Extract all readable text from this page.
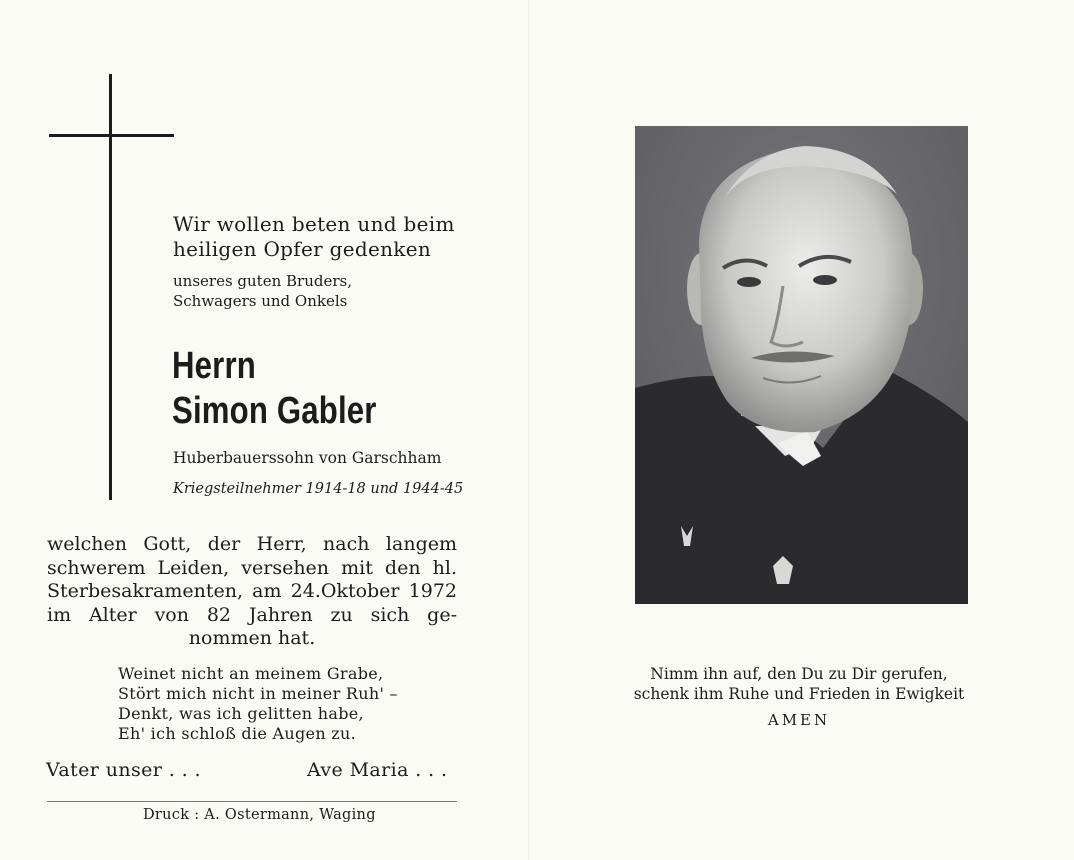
Wir wollen beten und beim
heiligen Opfer gedenken
unseres guten Bruders,
Schwagers und Onkels
Herrn
Simon Gabler
Huberbauerssohn von Garschham
Kriegsteilnehmer 1914-18 und 1944-45
welchen Gott, der Herr, nach langem
schwerem Leiden, versehen mit den hl.
Sterbesakramenten, am 24.Oktober 1972
im Alter von 82 Jahren zu sich ge-
nommen hat.
Weinet nicht an meinem Grabe,
Stört mich nicht in meiner Ruh' –
Denkt, was ich gelitten habe,
Eh' ich schloß die Augen zu.
Vater unser . . .	Ave Maria . . .
Druck : A. Ostermann, Waging
Nimm ihn auf, den Du zu Dir gerufen,
schenk ihm Ruhe und Frieden in Ewigkeit
AMEN
